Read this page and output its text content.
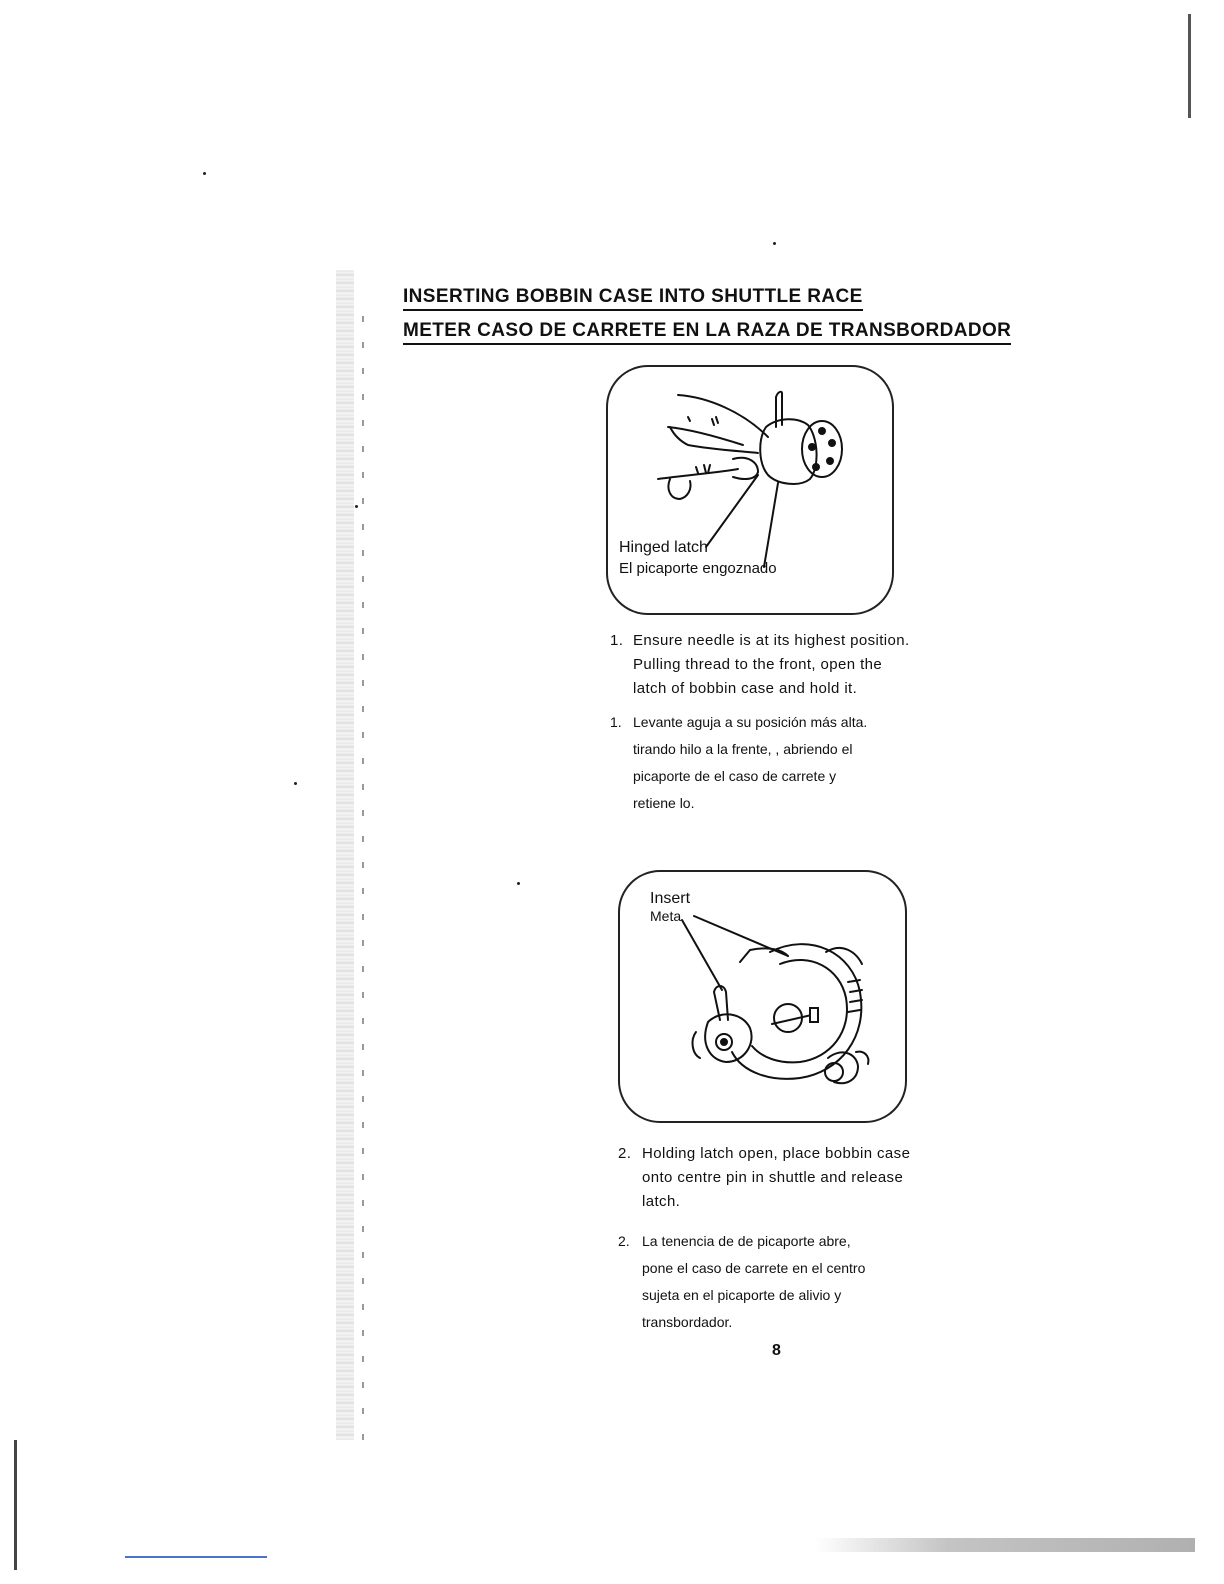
INSERTING BOBBIN CASE INTO SHUTTLE RACE
METER CASO DE CARRETE EN LA RAZA DE TRANSBORDADOR
Hinged latch
El picaporte engoznado
1. Ensure needle is at its highest position.
Pulling thread to the front, open the
latch of bobbin case and hold it.
1. Levante aguja a su posición más alta.
tirando hilo a la frente, , abriendo el
picaporte de el caso de carrete y
retiene lo.
Insert
Meta
2. Holding latch open, place bobbin case
onto centre pin in shuttle and release
latch.
2. La tenencia de de picaporte abre,
pone el caso de carrete en el centro
sujeta en el picaporte de alivio y
transbordador.
8
